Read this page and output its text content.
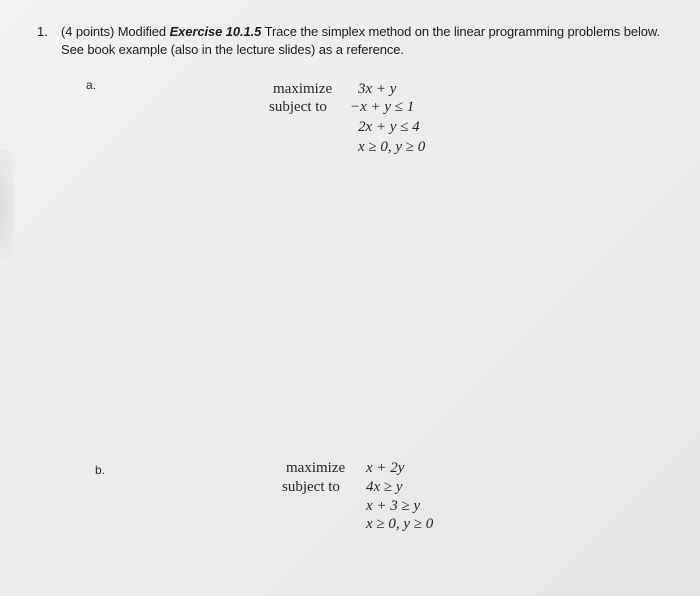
1. (4 points) Modified Exercise 10.1.5 Trace the simplex method on the linear programming problems below.
See book example (also in the lecture slides) as a reference.
a.	maximize
subject to
3x + y
−x + y ≤ 1
2x + y ≤ 4
x ≥ 0, y ≥ 0
b.	maximize
subject to
x + 2y
4x ≥ y
x + 3 ≥ y
x ≥ 0, y ≥ 0
